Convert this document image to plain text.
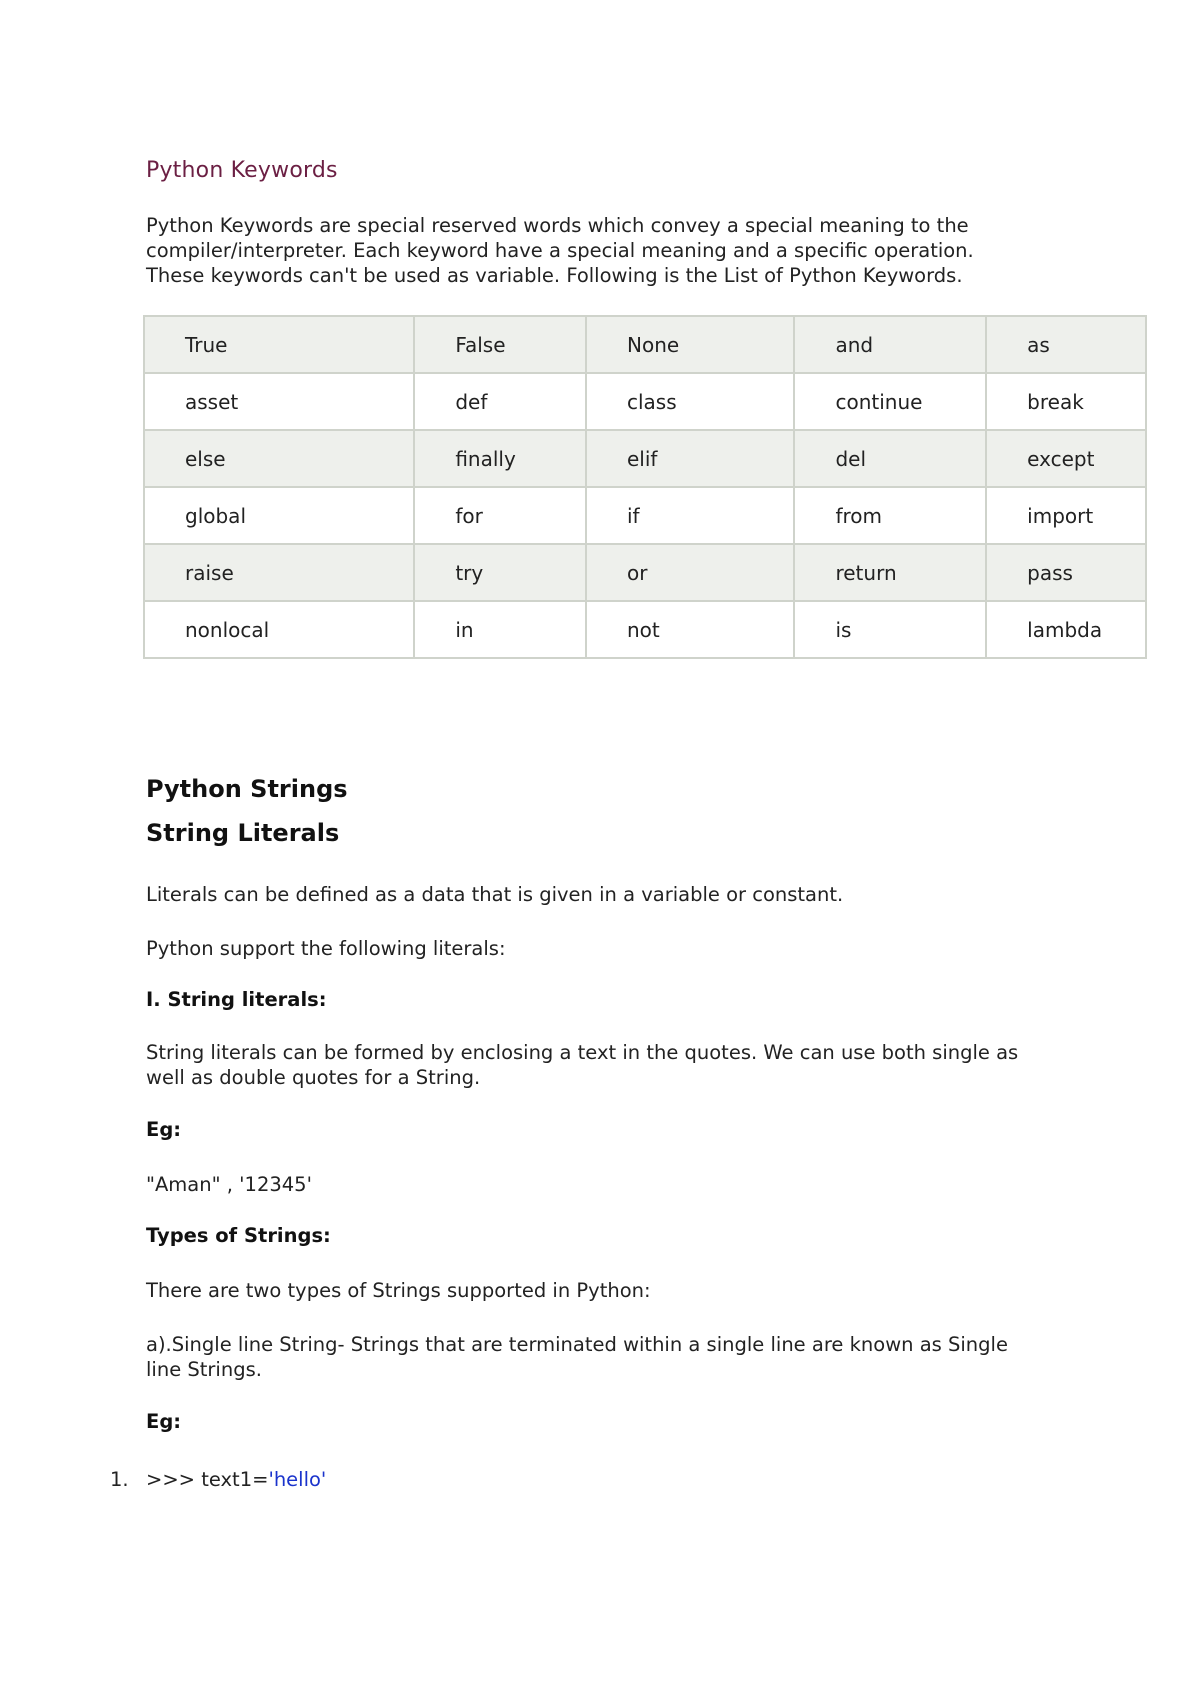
Python Keywords

Python Keywords are special reserved words which convey a special meaning to the
compiler/interpreter. Each keyword have a special meaning and a specific operation.
These keywords can't be used as variable. Following is the List of Python Keywords.

True	False	None	and	as
asset	def	class	continue	break
else	finally	elif	del	except
global	for	if	from	import
raise	try	or	return	pass
nonlocal	in	not	is	lambda
Python Strings
String Literals

Literals can be defined as a data that is given in a variable or constant.

Python support the following literals:

I. String literals:

String literals can be formed by enclosing a text in the quotes. We can use both single as
well as double quotes for a String.

Eg:

"Aman" , '12345'

Types of Strings:

There are two types of Strings supported in Python:

a).Single line String- Strings that are terminated within a single line are known as Single
line Strings.

Eg:

1. >>> text1='hello'
